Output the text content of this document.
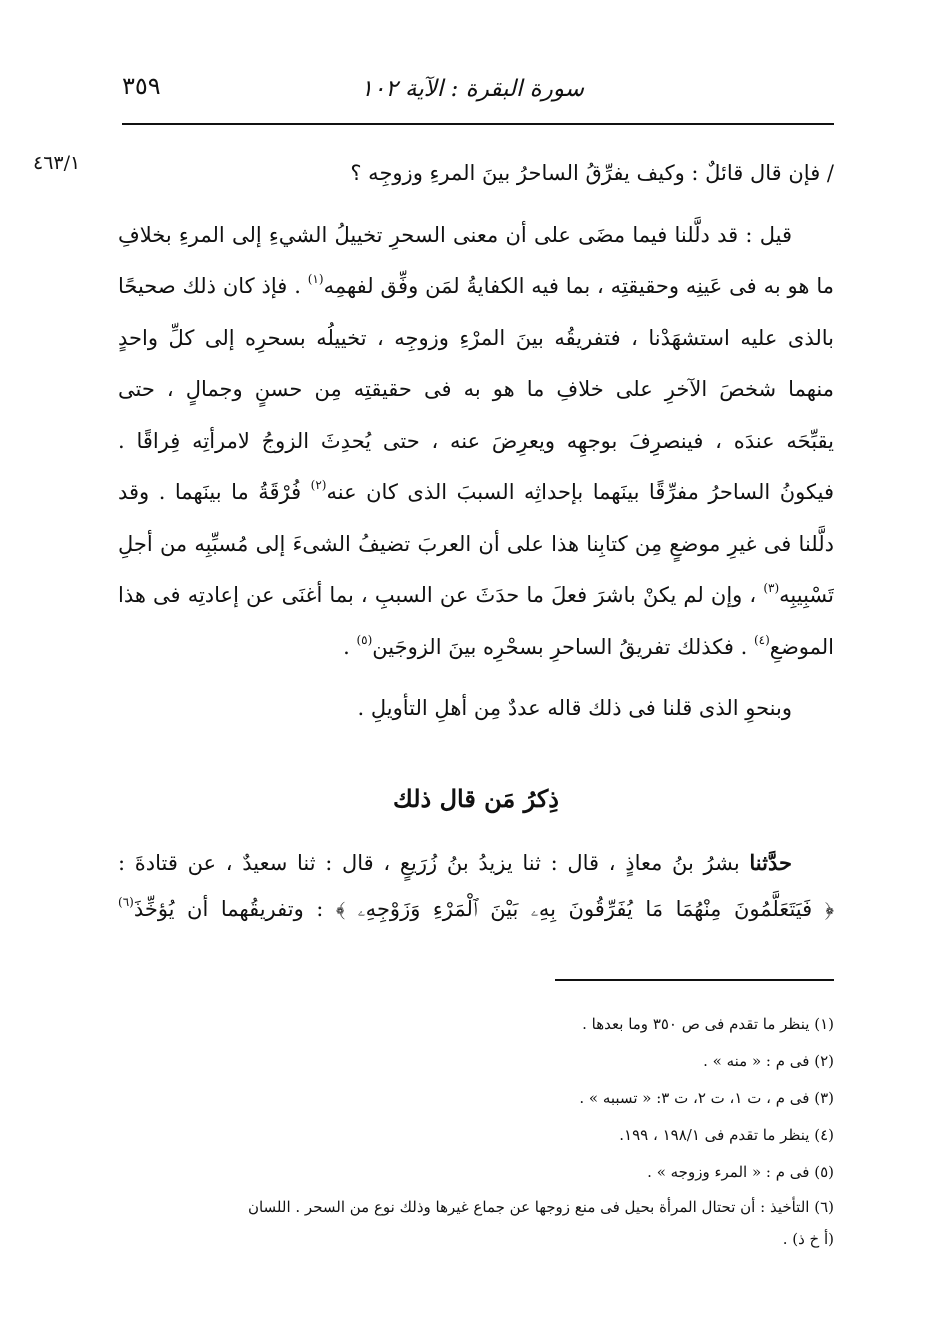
سورة البقرة : الآية ١٠٢
٣٥٩
٤٦٣/١	/ فإن قال قائلٌ : وكيف يفرِّقُ الساحرُ بينَ المرءِ وزوجِه ؟
قيل : قد دلَّلنا فيما مضَى على أن معنى السحرِ تخييلُ الشيءِ إلى المرءِ بخلافِ
ما هو به فى عَينِه وحقيقتِه ، بما فيه الكفايةُ لمَن وفِّق لفهمِه$^{(١)}$ . فإذ كان ذلك صحيحًا
بالذى عليه استشهَدْنا ، فتفريقُه بينَ المرْءِ وزوجِه ، تخييلُه بسحرِه إلى كلِّ واحدٍ
منهما شخصَ الآخرِ على خلافِ ما هو به فى حقيقتِه مِن حسنٍ وجمالٍ ، حتى
يقبِّحَه عندَه ، فينصرِفَ بوجهِه ويعرِضَ عنه ، حتى يُحدِثَ الزوجُ لامرأتِه فِراقًا .
فيكونُ الساحرُ مفرِّقًا بينَهما بإحداثِه السببَ الذى كان عنه$^{(٢)}$ فُرْقَةُ ما بينَهما . وقد
دلَّلنا فى غيرِ موضعٍ مِن كتابِنا هذا على أن العربَ تضيفُ الشىءَ إلى مُسبِّبِه من أجلِ
تَسْبِيبِه$^{(٣)}$ ، وإن لم يكنْ باشرَ فعلَ ما حدَثَ عن السببِ ، بما أغنَى عن إعادتِه فى هذا
الموضعِ$^{(٤)}$ . فكذلك تفريقُ الساحرِ بسحْرِه بينَ الزوجَين$^{(٥)}$ .
وبنحوِ الذى قلنا فى ذلك قاله عددٌ مِن أهلِ التأويلِ .
ذِكرُ مَن قال ذلك
حدَّثنا بشرُ بنُ معاذٍ ، قال : ثنا يزيدُ بنُ زُرَيعٍ ، قال : ثنا سعيدٌ ، عن قتادةَ :
﴿ فَيَتَعَلَّمُونَ مِنْهُمَا مَا يُفَرِّقُونَ بِهِۦ بَيْنَ ٱلْمَرْءِ وَزَوْجِهِۦ ﴾ : وتفريقُهما أن يُؤخِّذَ$^{(٦)}$
(١) ينظر ما تقدم فى ص ٣٥٠ وما بعدها .
(٢) فى م : « منه » .
(٣) فى م ، ت ١، ت ٢، ت ٣: « تسببه » .
(٤) ينظر ما تقدم فى ١٩٨/١ ، ١٩٩.
(٥) فى م : « المرء وزوجه » .
(٦) التأخيذ : أن تحتال المرأة بحيل فى منع زوجها عن جماع غيرها وذلك نوع من السحر . اللسان
(أ خ ذ) .
